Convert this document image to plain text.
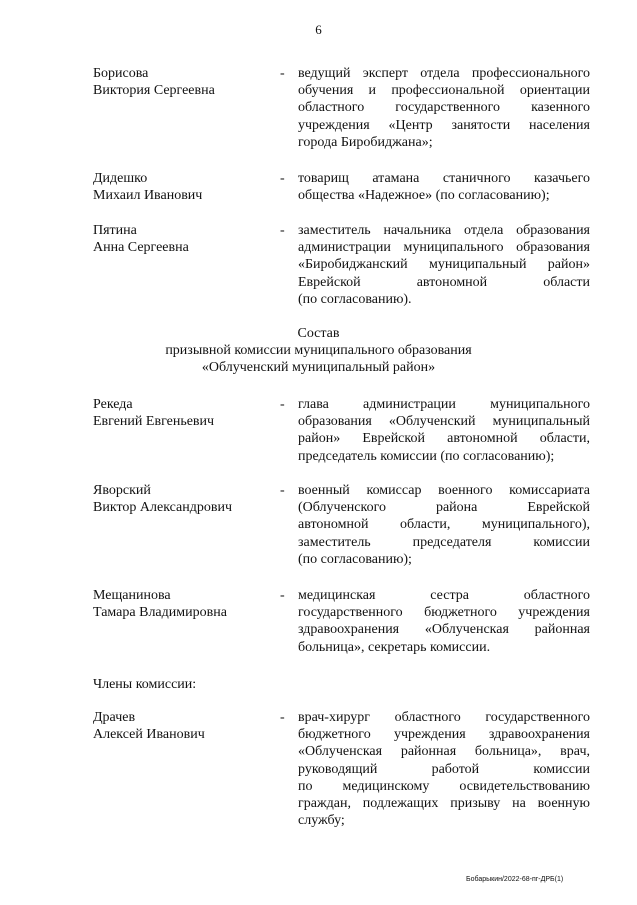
6
Борисова
Виктория Сергеевна
- ведущий эксперт отдела профессионального
обучения и профессиональной ориентации
областного государственного казенного
учреждения «Центр занятости населения
города Биробиджана»;
Дидешко
Михаил Иванович
- товарищ атамана станичного казачьего
общества «Надежное» (по согласованию);
Пятина
Анна Сергеевна
- заместитель начальника отдела образования
администрации муниципального образования
«Биробиджанский муниципальный район»
Еврейской автономной области
(по согласованию).
Состав
призывной комиссии муниципального образования
«Облученский муниципальный район»
Рекеда
Евгений Евгеньевич
- глава администрации муниципального
образования «Облученский муниципальный
район» Еврейской автономной области,
председатель комиссии (по согласованию);
Яворский
Виктор Александрович
- военный комиссар военного комиссариата
(Облученского района Еврейской
автономной области, муниципального),
заместитель председателя комиссии
(по согласованию);
Мещанинова
Тамара Владимировна
- медицинская сестра областного
государственного бюджетного учреждения
здравоохранения «Облученская районная
больница», секретарь комиссии.
Члены комиссии:
Драчев
Алексей Иванович
- врач-хирург областного государственного
бюджетного учреждения здравоохранения
«Облученская районная больница», врач,
руководящий работой комиссии
по медицинскому освидетельствованию
граждан, подлежащих призыву на военную
службу;
Бобарыкин/2022-68-пг-ДРБ(1)
